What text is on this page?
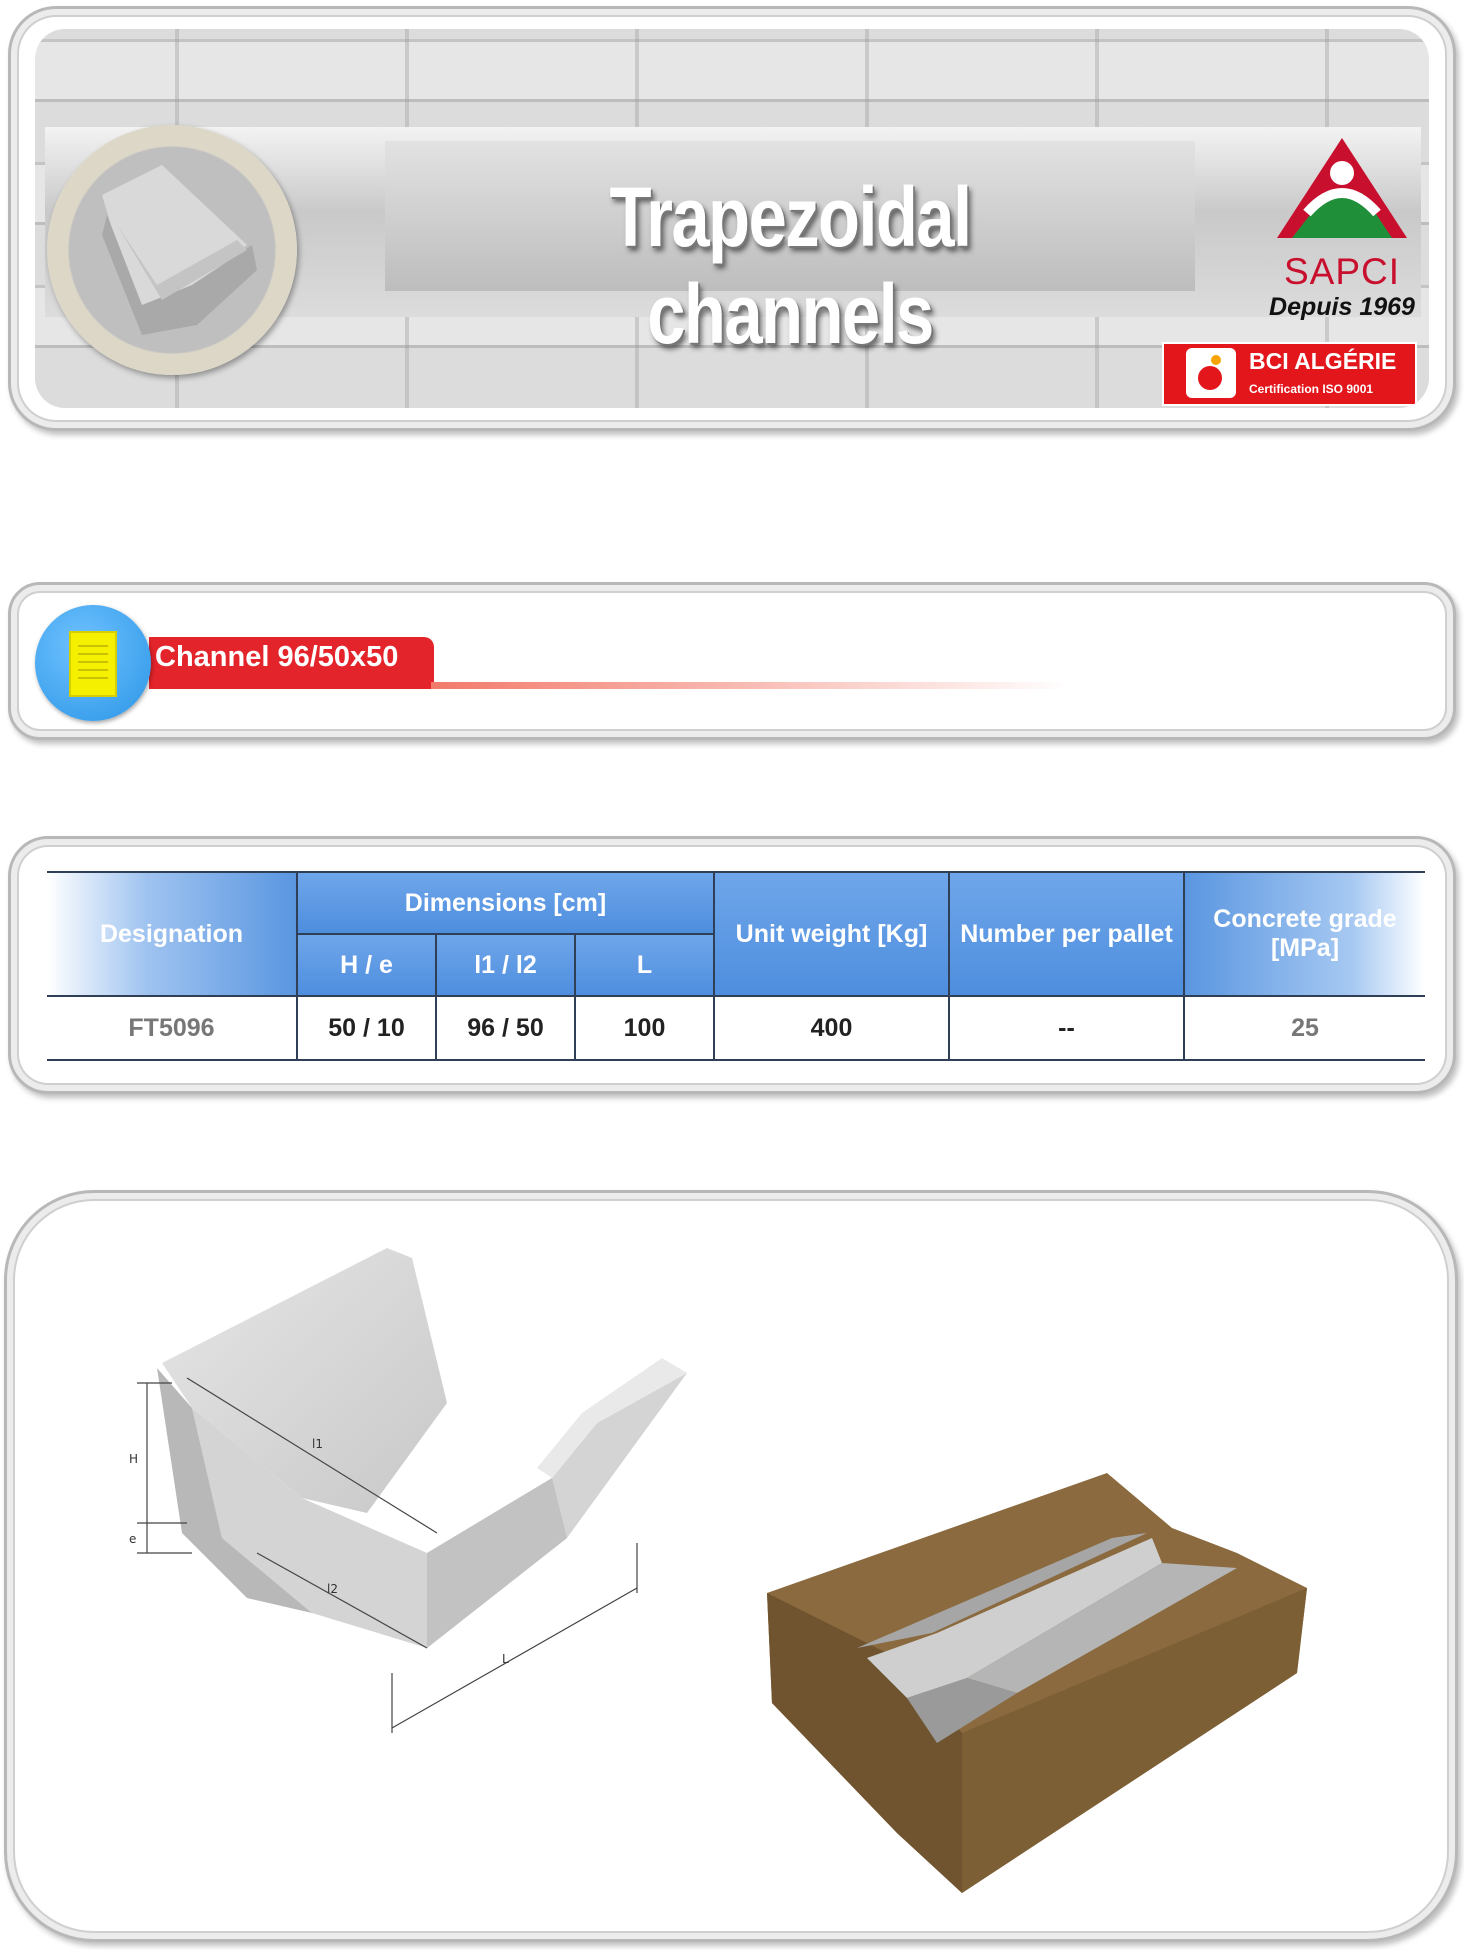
Trapezoidal channels	SAPCI
Depuis 1969
BCI ALGÉRIE
Certification ISO 9001
Channel 96/50x50
Designation	Dimensions [cm]			Unit weight [Kg]	Number per pallet	Concrete grade [MPa]
	H / e	l1 / l2	L			
FT5096	50 / 10	96 / 50	100	400	--	25
H
e
l1
l2
L
